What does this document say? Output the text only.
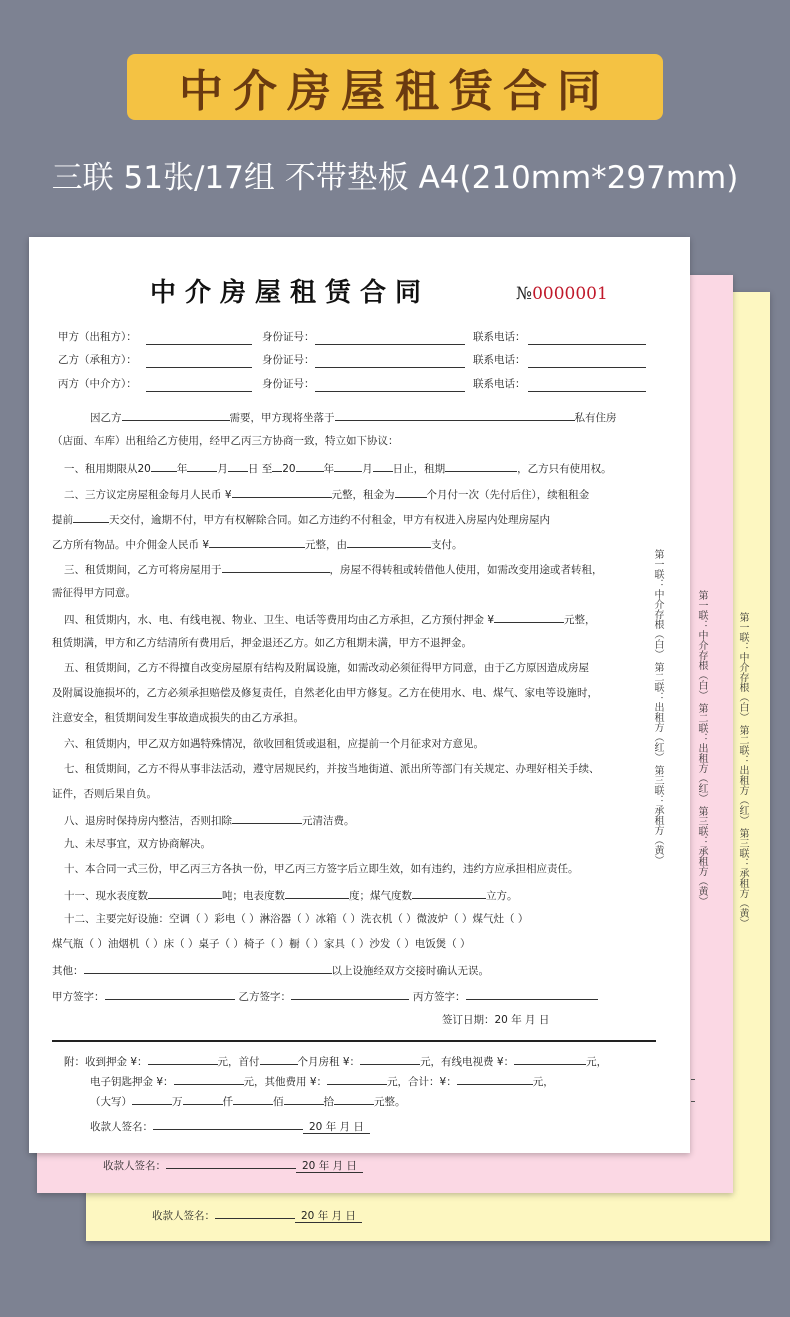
中介房屋租赁合同
三联 51张/17组 不带垫板 A4(210mm*297mm)
第一联：中介存根（白） 第二联：出租方（红） 第三联：承租方（黄）
收款人签名：	20 年 月 日
第一联：中介存根（白） 第二联：出租方（红） 第三联：承租方（黄）
收款人签名：	20 年 月 日
第一联：中介存根（白） 第二联：出租方（红） 第三联：承租方（黄）
中介房屋租赁合同	№0000001
甲方（出租方）：	身份证号：	联系电话：
乙方（承租方）：	身份证号：	联系电话：
丙方（中介方）：	身份证号：	联系电话：
因乙方	需要，甲方现将坐落于	私有住房
（店面、车库）出租给乙方使用，经甲乙丙三方协商一致，特立如下协议：
一、租用期限从20 年	月 日 至 20	年	月 日止，租期	，乙方只有使用权。
二、三方议定房屋租金每月人民币 ¥	元整，租金为	个月付一次（先付后住），续租租金
提前	天交付，逾期不付，甲方有权解除合同。如乙方违约不付租金，甲方有权进入房屋内处理房屋内
乙方所有物品。中介佣金人民币 ¥	元整，由	支付。
三、租赁期间，乙方可将房屋用于	，房屋不得转租或转借他人使用，如需改变用途或者转租，
需征得甲方同意。
四、租赁期内，水、电、有线电视、物业、卫生、电话等费用均由乙方承担，乙方预付押金 ¥	元整，
租赁期满，甲方和乙方结清所有费用后，押金退还乙方。如乙方租期未满，甲方不退押金。
五、租赁期间，乙方不得擅自改变房屋原有结构及附属设施，如需改动必须征得甲方同意，由于乙方原因造成房屋
及附属设施损坏的，乙方必须承担赔偿及修复责任，自然老化由甲方修复。乙方在使用水、电、煤气、家电等设施时，
注意安全，租赁期间发生事故造成损失的由乙方承担。
六、租赁期内，甲乙双方如遇特殊情况，欲收回租赁或退租，应提前一个月征求对方意见。
七、租赁期间，乙方不得从事非法活动，遵守居规民约，并按当地街道、派出所等部门有关规定、办理好相关手续、
证件，否则后果自负。
八、退房时保持房内整洁，否则扣除	元清洁费。
九、未尽事宜，双方协商解决。
十、本合同一式三份，甲乙丙三方各执一份，甲乙丙三方签字后立即生效，如有违约，违约方应承担相应责任。
十一、现水表度数	吨；电表度数	度；煤气度数	立方。
十二、主要完好设施：空调（ ）彩电（ ）淋浴器（ ）冰箱（ ）洗衣机（ ）微波炉（ ）煤气灶（ ）
煤气瓶（ ）油烟机（ ）床（ ）桌子（ ）椅子（ ）橱（ ）家具（ ）沙发（ ）电饭煲（ ）
其他：	以上设施经双方交接时确认无误。
甲方签字：	乙方签字：	丙方签字：
签订日期：20 年 月 日
附：收到押金 ¥：	元，首付	个月房租 ¥：	元，有线电视费 ¥：	元，
电子钥匙押金 ¥：	元，其他费用 ¥：	元，合计：¥：	元，
（大写）	万	仟	佰	拾	元整。
收款人签名：	20 年 月 日
